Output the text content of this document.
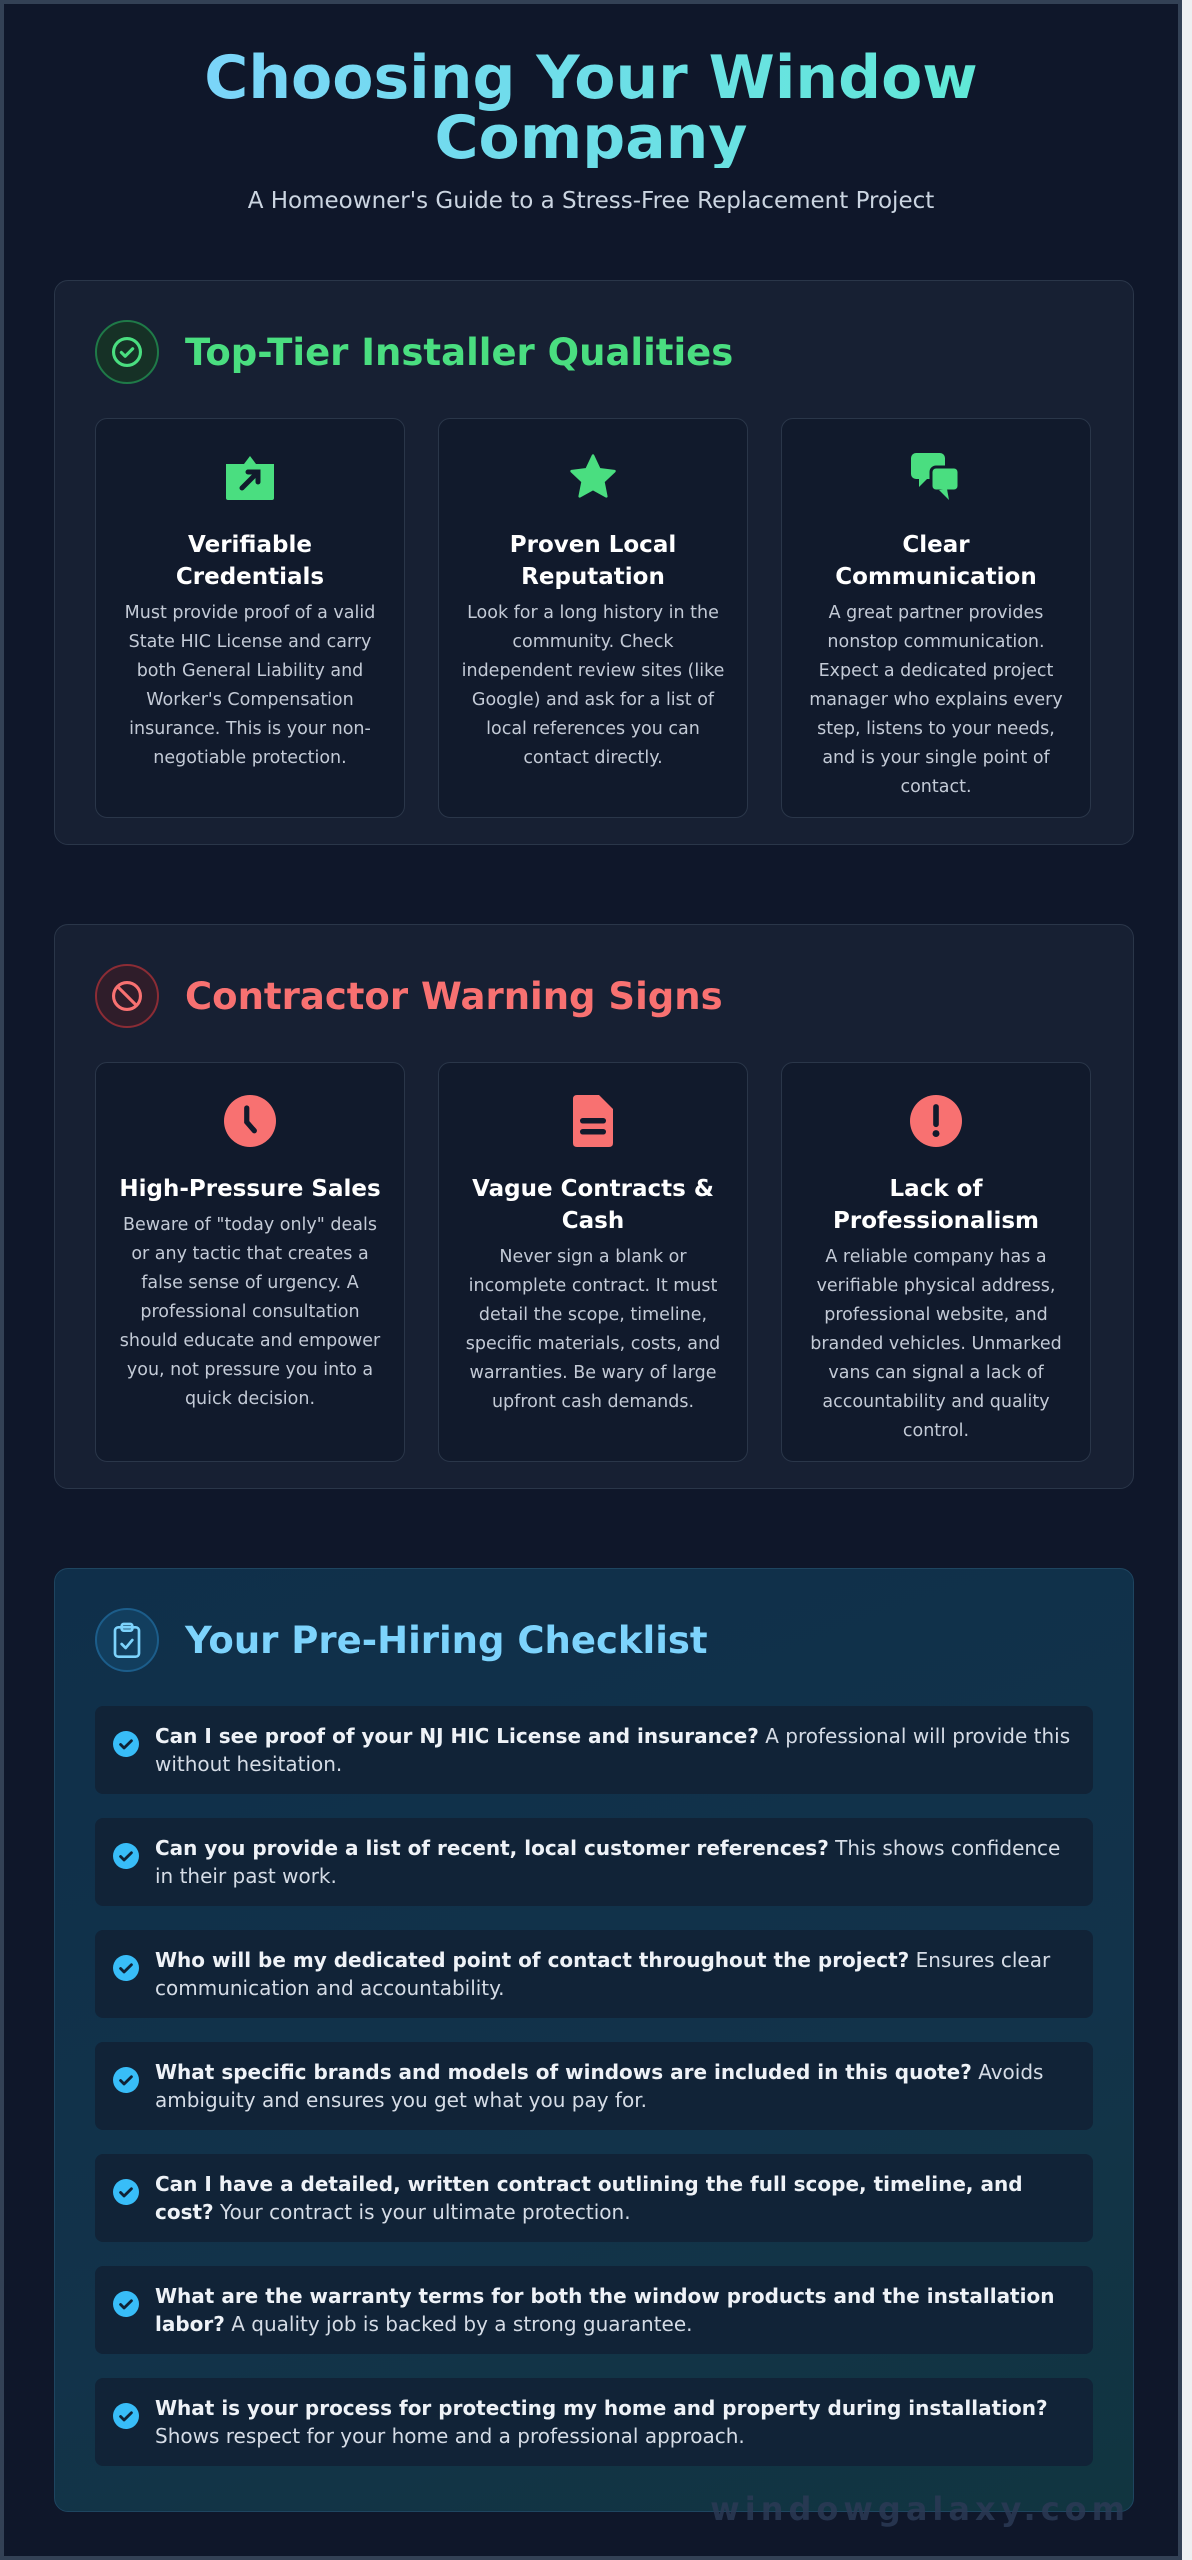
Choosing Your Window Company
A Homeowner's Guide to a Stress-Free Replacement Project
Top-Tier Installer Qualities
Verifiable Credentials
Must provide proof of a valid State HIC License and carry both General Liability and Worker's Compensation insurance. This is your non-negotiable protection.
Proven Local Reputation
Look for a long history in the community. Check independent review sites (like Google) and ask for a list of local references you can contact directly.
Clear Communication
A great partner provides nonstop communication. Expect a dedicated project manager who explains every step, listens to your needs, and is your single point of contact.
Contractor Warning Signs
High-Pressure Sales
Beware of "today only" deals or any tactic that creates a false sense of urgency. A professional consultation should educate and empower you, not pressure you into a quick decision.
Vague Contracts & Cash
Never sign a blank or incomplete contract. It must detail the scope, timeline, specific materials, costs, and warranties. Be wary of large upfront cash demands.
Lack of Professionalism
A reliable company has a verifiable physical address, professional website, and branded vehicles. Unmarked vans can signal a lack of accountability and quality control.
Your Pre-Hiring Checklist
Can I see proof of your NJ HIC License and insurance? A professional will provide this without hesitation.
Can you provide a list of recent, local customer references? This shows confidence in their past work.
Who will be my dedicated point of contact throughout the project? Ensures clear communication and accountability.
What specific brands and models of windows are included in this quote? Avoids ambiguity and ensures you get what you pay for.
Can I have a detailed, written contract outlining the full scope, timeline, and cost? Your contract is your ultimate protection.
What are the warranty terms for both the window products and the installation labor? A quality job is backed by a strong guarantee.
What is your process for protecting my home and property during installation? Shows respect for your home and a professional approach.
windowgalaxy.com
